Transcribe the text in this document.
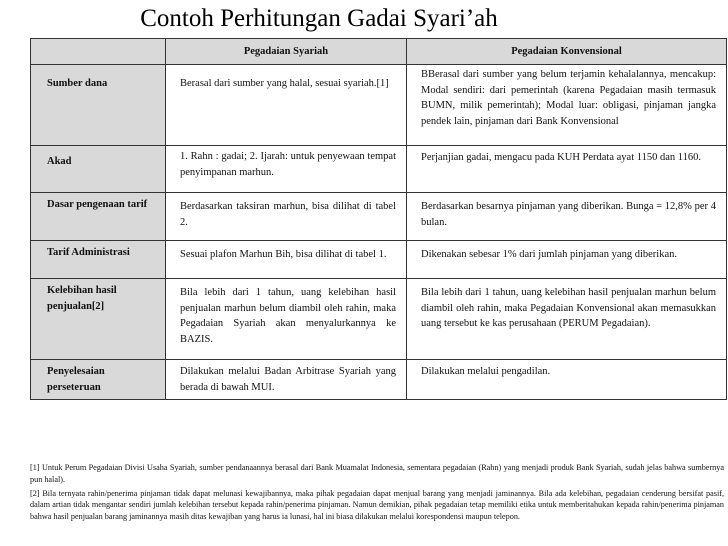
Contoh Perhitungan Gadai Syari’ah
	Pegadaian Syariah	Pegadaian Konvensional

Sumber dana	Berasal dari sumber yang halal, sesuai syariah.[1]	BBerasal dari sumber yang belum terjamin kehalalannya, mencakup: Modal sendiri: dari pemerintah (karena Pegadaian masih termasuk BUMN, milik pemerintah); Modal luar: obligasi, pinjaman jangka pendek lain, pinjaman dari Bank Konvensional

Akad	1. Rahn : gadai; 2. Ijarah: untuk penyewaan tempat penyimpanan marhun.	Perjanjian gadai, mengacu pada KUH Perdata ayat 1150 dan 1160.

Dasar pengenaan tarif	Berdasarkan taksiran marhun, bisa dilihat di tabel 2.	Berdasarkan besarnya pinjaman yang diberikan. Bunga = 12,8% per 4 bulan.

Tarif Administrasi	Sesuai plafon Marhun Bih, bisa dilihat di tabel 1.	Dikenakan sebesar 1% dari jumlah pinjaman yang diberikan.

Kelebihan hasil penjualan[2]	Bila lebih dari 1 tahun, uang kelebihan hasil penjualan marhun belum diambil oleh rahin, maka Pegadaian Syariah akan menyalurkannya ke BAZIS.	Bila lebih dari 1 tahun, uang kelebihan hasil penjualan marhun belum diambil oleh rahin, maka Pegadaian Konvensional akan memasukkan uang tersebut ke kas perusahaan (PERUM Pegadaian).

Penyelesaian perseteruan	Dilakukan melalui Badan Arbitrase Syariah yang berada di bawah MUI.	Dilakukan melalui pengadilan.

[1] Untuk Perum Pegadaian Divisi Usaha Syariah, sumber pendanaannya berasal dari Bank Muamalat Indonesia, sementara pegadaian (Rahn) yang menjadi produk Bank Syariah, sudah jelas bahwa sumbernya pun halal).

[2] Bila ternyata rahin/penerima pinjaman tidak dapat melunasi kewajibannya, maka pihak pegadaian dapat menjual barang yang menjadi jaminannya. Bila ada kelebihan, pegadaian cenderung bersifat pasif, dalam artian tidak mengantar sendiri jumlah kelebihan tersebut kepada rahin/penerima pinjaman. Namun demikian, pihak pegadaian tetap memiliki etika untuk memberitahukan kepada rahin/penerima pinjaman bahwa hasil penjualan barang jaminannya masih ditas kewajiban yang harus ia lunasi, hal ini biasa dilakukan melalui korespondensi maupun telepon.
